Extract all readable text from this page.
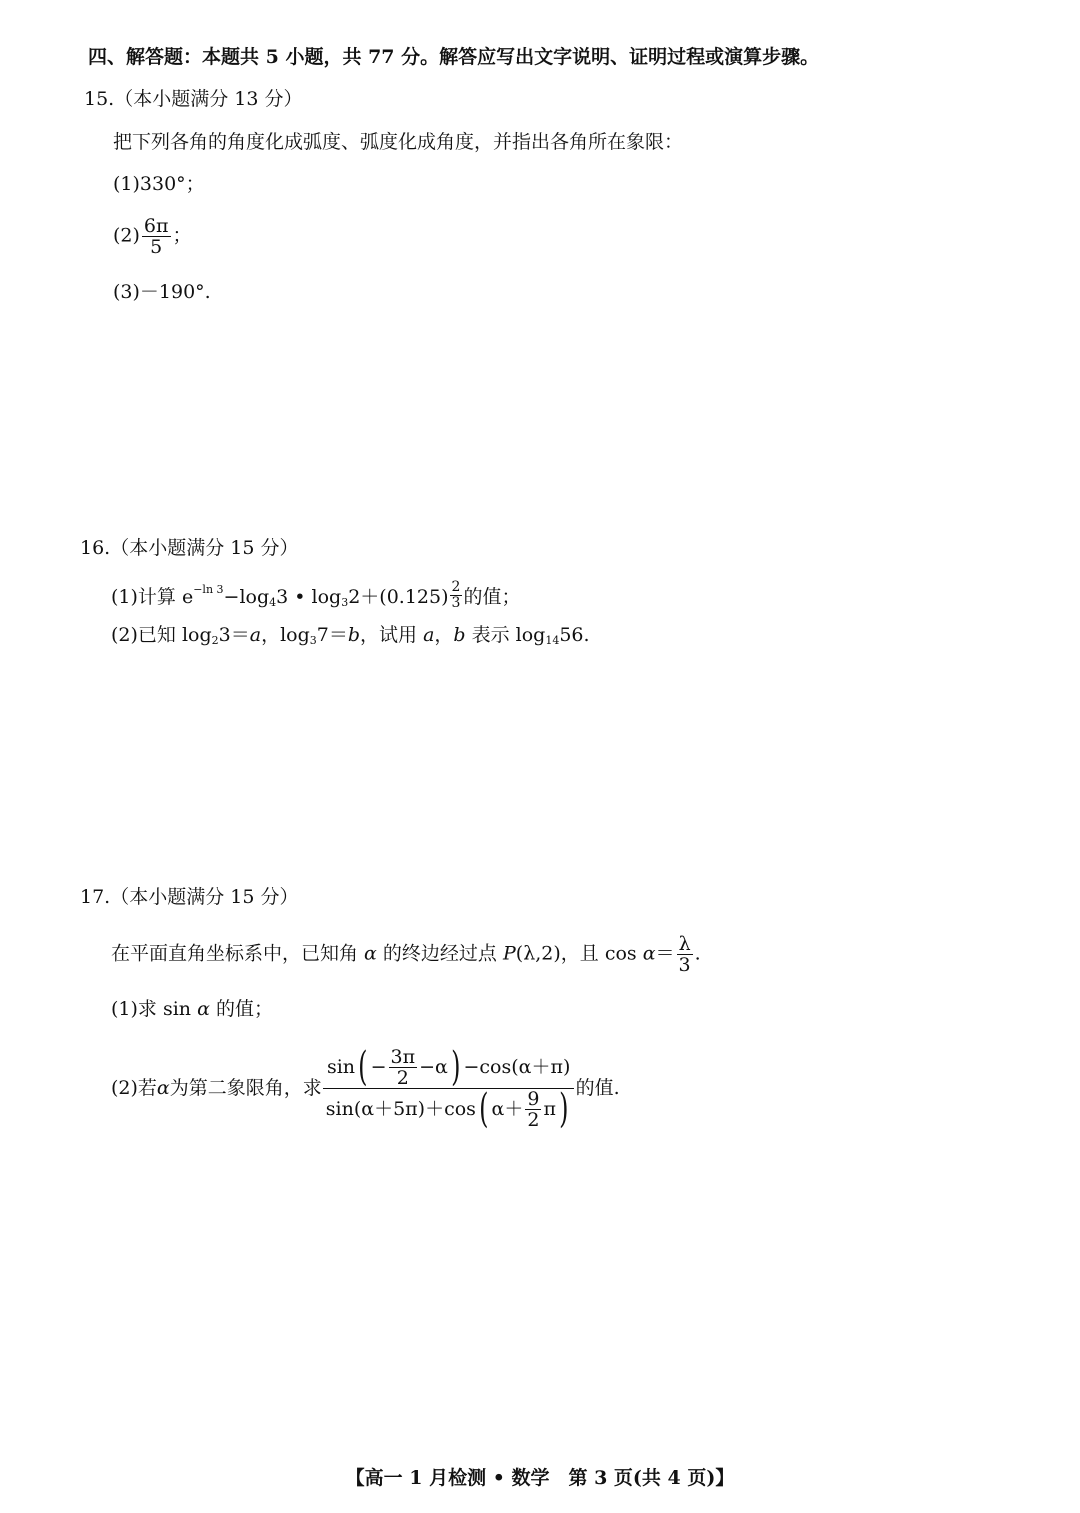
四、解答题：本题共 5 小题，共 77 分。解答应写出文字说明、证明过程或演算步骤。
15.（本小题满分 13 分）
把下列各角的角度化成弧度、弧度化成角度，并指出各角所在象限：
(1)330°；
$(2) \frac{6\pi}{5}$ ；
(3)－190°.
16.（本小题满分 15 分）
(1)计算 $e^{-ln 3}-\log_43$ • $\log_32+(0.125) \frac{2}{3}$ 的值；
(2)已知 $\log_23=a$，$\log_37=b$，试用 a，b 表示 $\log_{14}56$.
17.（本小题满分 15 分）
在平面直角坐标系中，已知角 α 的终边经过点 P(λ,2)，且 $\cos \alpha= \frac{\lambda}{3}$ .
(1)求 sin α 的值；
(2)若 α 为第二象限角，求
sin ( − $\frac{3\pi}{2} -\alpha$ ) −cos(α＋π)
sin(α＋5π)＋cos ( $\alpha+ \frac{9}{2}$ π ) 的值.
【高一 1 月检测 • 数学　第 3 页(共 4 页)】
